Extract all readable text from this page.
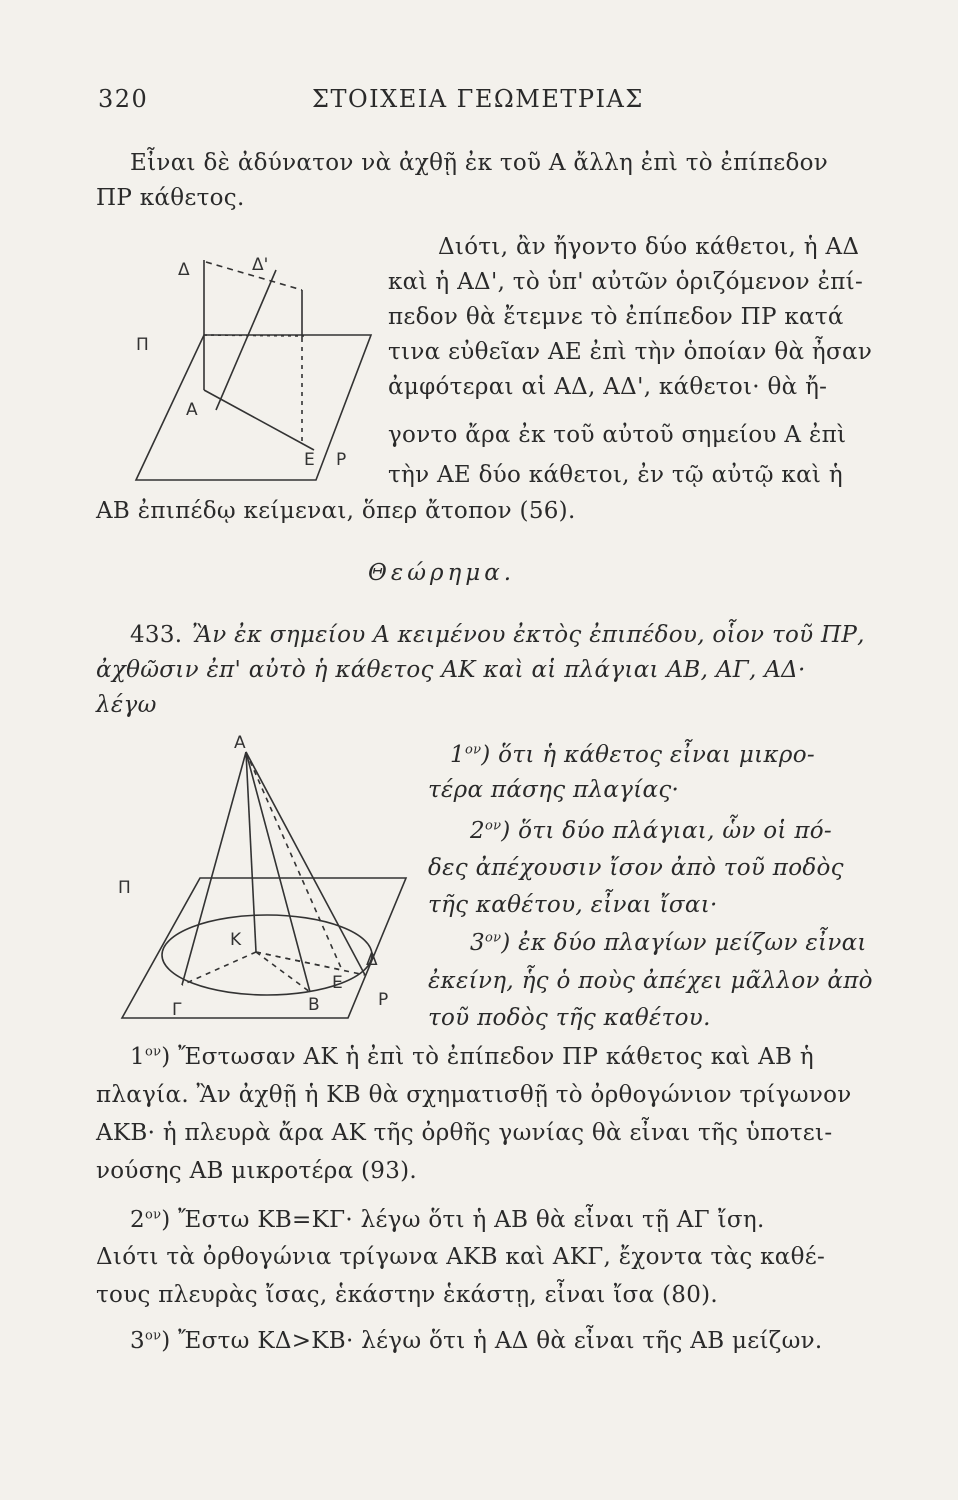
320	ΣΤΟΙΧΕΙΑ ΓΕΩΜΕΤΡΙΑΣ
Εἶναι δὲ ἀδύνατον νὰ ἀχθῇ ἐκ τοῦ Α ἄλλη ἐπὶ τὸ ἐπίπεδον
ΠΡ κάθετος.
Δ	Δ'
Π
Α
Ε Ρ
Διότι, ἂν ἤγοντο δύο κάθετοι, ἡ ΑΔ
καὶ ἡ ΑΔ', τὸ ὑπ' αὐτῶν ὁριζόμενον ἐπί-
πεδον θὰ ἔτεμνε τὸ ἐπίπεδον ΠΡ κατά
τινα εὐθεῖαν ΑΕ ἐπὶ τὴν ὁποίαν θὰ ἦσαν
ἀμφότεραι αἱ ΑΔ, ΑΔ', κάθετοι· θὰ ἤ-
γοντο ἄρα ἐκ τοῦ αὐτοῦ σημείου Α ἐπὶ
τὴν ΑΕ δύο κάθετοι, ἐν τῷ αὐτῷ καὶ ἡ
ΑΒ ἐπιπέδῳ κείμεναι, ὅπερ ἄτοπον (56).
Θεώρημα.
433. Ἂν ἐκ σημείου Α κειμένου ἐκτὸς ἐπιπέδου, οἷον τοῦ ΠΡ,
ἀχθῶσιν ἐπ' αὐτὸ ἡ κάθετος ΑΚ καὶ αἱ πλάγιαι ΑΒ, ΑΓ, ΑΔ·
λέγω
Α
Π
Κ
Δ
Γ
Ε
Β	Ρ
$1^{o\nu}$) ὅτι ἡ κάθετος εἶναι μικρο-
τέρα πάσης πλαγίας·
$2^{o\nu}$) ὅτι δύο πλάγιαι, ὧν οἱ πό-
δες ἀπέχουσιν ἴσον ἀπὸ τοῦ ποδὸς
τῆς καθέτου, εἶναι ἴσαι·
$3^{o\nu}$) ἐκ δύο πλαγίων μείζων εἶναι
ἐκείνη, ἧς ὁ ποὺς ἀπέχει μᾶλλον ἀπὸ
τοῦ ποδὸς τῆς καθέτου.
$1^{o\nu}$) Ἔστωσαν ΑΚ ἡ ἐπὶ τὸ ἐπίπεδον ΠΡ κάθετος καὶ ΑΒ ἡ
πλαγία. Ἂν ἀχθῇ ἡ ΚΒ θὰ σχηματισθῇ τὸ ὀρθογώνιον τρίγωνον
ΑΚΒ· ἡ πλευρὰ ἄρα ΑΚ τῆς ὀρθῆς γωνίας θὰ εἶναι τῆς ὑποτει-
νούσης ΑΒ μικροτέρα (93).
$2^{o\nu}$) Ἔστω ΚΒ=ΚΓ· λέγω ὅτι ἡ ΑΒ θὰ εἶναι τῇ ΑΓ ἴση.
Διότι τὰ ὀρθογώνια τρίγωνα ΑΚΒ καὶ ΑΚΓ, ἔχοντα τὰς καθέ-
τους πλευρὰς ἴσας, ἑκάστην ἑκάστῃ, εἶναι ἴσα (80).
$3^{o\nu}$) Ἔστω ΚΔ>ΚΒ· λέγω ὅτι ἡ ΑΔ θὰ εἶναι τῆς ΑΒ μείζων.
